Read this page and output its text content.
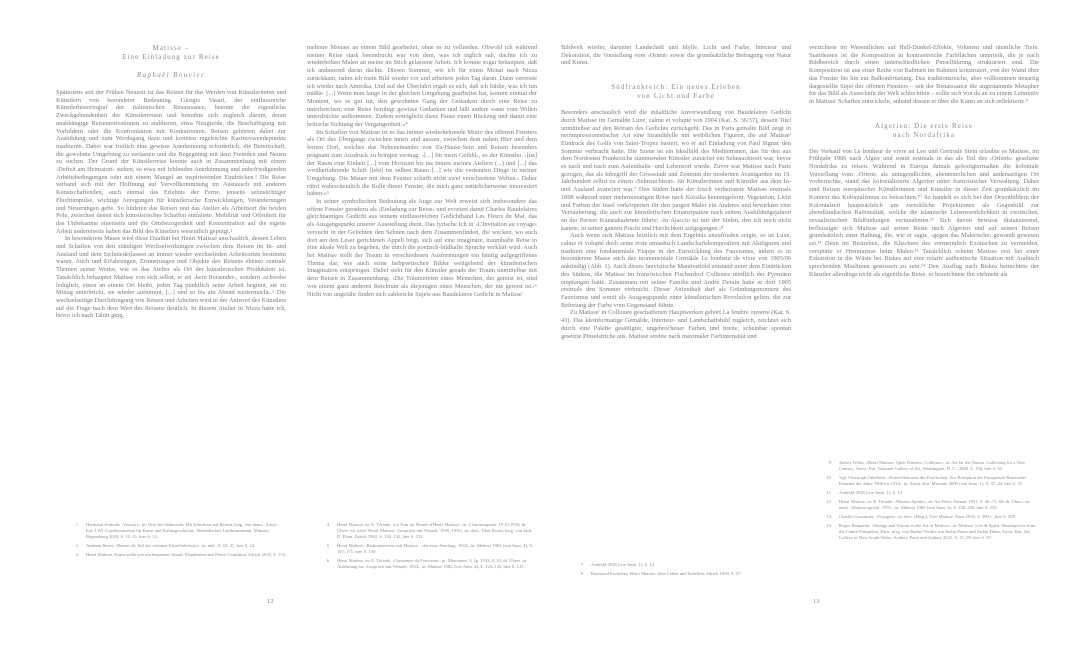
Matisse –
Eine Einladung zur Reise
Raphaël Bouvier

Spätestens seit der Frühen Neuzeit ist das Reisen für das Werden von Künstlerinnen und Künstlern von besonderer Bedeutung. Giorgio Vasari, der einflussreiche Künstlerhistoriograf der italienischen Renaissance, betonte die eigentliche Zweckgebundenheit der Künstlerreisen und bemühte sich zugleich darum, deren unabhängige Reisemotivationen zu etablieren, etwa Neugierde, die Beschäftigung mit Vorbildern oder die Konfrontation mit Konkurrenten. Reisen gehörten dabei zur Ausbildung und zum Werdegang dazu und konnten regelrechte Karrierewendepunkte markieren. Dabei war freilich eine gewisse Anerkennung erforderlich, die Bereitschaft, die gewohnte Umgebung zu verlassen und die Begegnung mit dem Fremden und Neuen zu suchen. Der Grund der Künstlerreise konnte auch in Zusammenhang mit einem ›Defizit am Heimatort‹ stehen, so etwa mit fehlenden Anerkennung und unbefriedigenden Arbeitsbedingungen oder mit einem Mangel an inspirierenden Eindrücken.¹ Die Reise verband sich mit der Hoffnung auf Vervollkommnung im Austausch mit anderen Kunstschaffenden, auch einmal das Erlebnis der Ferne, jenseits sehnsüchtiger Fluchtimpulse, wichtige Anregungen für künstlerische Entwicklungen, Veränderungen und Neuerungen gebe. So bildeten das Reisen und das Atelier als Arbeitsort die beiden Pole, zwischen denen sich künstlerisches Schaffen entfaltete. Mobilität und Offenheit für das Unbekannte einerseits und die Ortsbezogenheit und Konzentration auf die eigene Arbeit andererseits haben das Bild des Künstlers wesentlich geprägt.²

In besonderem Masse wird diese Dualität bei Henri Matisse anschaulich, dessen Leben und Schaffen von den ständigen Wechselwirkungen zwischen dem Reisen im In- und Ausland und dem Sichniederlassen an immer wieder wechselnden Arbeitsorten bestimmt waren. Auch und Erfahrungen, Erinnerungen und Objekte des Reisens ebenso zentrale Themen seiner Werke, wie es das Atelier als Ort der künstlerischen Produktion ist. Tatsächlich behauptet Matisse von sich selbst, er sei ›kein Reisender‹, sondern ›schwebe lediglich, einen an einem Ort bleibt, jeden Tag pünktlich seine Arbeit beginnt, sie zu Mittag unterbricht, sie wieder aufnimmt, [...] und so bis am Abend weitermacht‹.³ Die wechselseitige Durchdringung von Reisen und Arbeiten wird in der Antwort des Künstlers auf die Frage nach dem Wert des Reisens deutlich. In diesem Atelier in Nizza hatte ich, bevor ich nach Tahiti ging,

mehrere Monate an einem Bild gearbeitet, ohne es zu vollenden. Obwohl ich während meiner Reise stark beeindruckt war von dem, was ich täglich sah, dachte ich zu wiederholten Malen an meine im Stich gelassene Arbeit. Ich konnte sogar behaupten, daß ich andauernd daran dachte. Diesen Sommer, wie ich für einen Monat nach Nizza zurückkam, nahm ich mein Bild wieder vor und arbeitete jeden Tag daran. Dann verreiste ich wieder nach Amerika. Und auf der Überfahrt ergab es sich, daß ich fühlte, was ich tun müßte. [...] Wenn man lange in der gleichen Umgebung gearbeitet hat, kommt einmal der Moment, wo es gut tut, den gewohnten Gang der Gedanken durch eine Reise zu unterbrechen; eine Reise beruhigt gewisse Gedanken und läßt andere sonst vom Willen unterdrückte aufkommen. Zudem ermöglicht diese Pause einen Rückzug und damit eine kritische Sichtung der Vergangenheit.«⁴

Im Schaffen von Matisse ist es das immer wiederkehrende Motiv des offenen Fensters als Ort des Übergangs zwischen innen und aussen, zwischen dem nahen Hier und dem fernen Dort, welches das Nebeneinander von Zu-Hause-Sein und Reisen besonders prägnant zum Ausdruck zu bringen vermag: ›[...] für mein Gefühl‹, so der Künstler, ›[ist] der Raum eine Einheit [...] vom Horizont bis ins Innere meines Ateliers (...) und [...] das vorüberfahrende Schiff [lebt] im selben Raum [...] wie die vertrauten Dinge in meiner Umgebung. Die Mauer mit dem Fenster schafft nicht zwei verschiedene Welten.‹ Daher rührt wahrscheinlich die Rolle dieser Fenster, die mich ganz natürlicherweise interessiert haben.«⁵

In seiner symbolischen Bedeutung als Auge zur Welt erweist sich insbesondere das offene Fenster geradezu als ›Einladung zur Reise‹ und evoziert damit Charles Baudelaires gleichnamiges Gedicht aus seinem einflussreichen Gedichtband Les Fleurs du Mal, das als Ausgangspunkt unserer Ausstellung dient. Das lyrische Ich in ›L'Invitation au voyage‹ versucht in der Geliebten den Sehnen nach dem Zusammenfinden, die wecken, wo auch dort am den Leser gerichteten Appell birgt, sich auf eine imaginäre, traumhafte Reise in eine ideale Welt zu begeben, die durch die poetisch-bildhafte Sprache verklärt wird. Auch bei Matisse stellt der Traum in verschiedenen Ausformungen ein häufig aufgegriffenes Thema dar, wie auch seine farbpoetischen Bilder weitgehend der künstlerischen Imagination entspringen. Dabei steht für den Künstler gerade der Traum unmittelbar mit dem Reisen in Zusammenhang: ›Die Träumereien eines Menschen, der gereist ist, sind von einem ganz anderen Reichtum als diejenigen eines Menschen, der nie gereist ist.‹⁶ Nicht von ungefähr finden sich zahlreiche Sujets aus Baudelaires Gedicht in Matisse'

Bildwelt wieder, darunter Landschaft und Idylle, Licht und Farbe, Interieur und Dekoration, die Vorstellung vom ›Orient‹ sowie die grundsätzliche Befragung von Natur und Kunst.

Südfrankreich: Ein neues Erleben
von Licht und Farbe

Besonders anschaulich wird die inhaltliche Anverwandlung von Baudelaires Gedicht durch Matisse im Gemälde Luxe, calme et volupté von 1904 (Kat. S. 36/37), dessen Titel unmittelbar auf den Refrain des Gedichts zurückgeht. Das in Paris gemalte Bild zeigt in neoimpressionistischer Art eine Strandidylle mit weiblichen Figuren, die auf Matisse' Eindruck des Golfs von Saint-Tropez basiert, wo er auf Einladung von Paul Signac den Sommer verbracht hatte. Die Szene ist ein Idealbild des Mediterranen, das für den aus dem Nordosten Frankreichs stammenden Künstler zunächst ein Sehnsuchtsort war, bevor es nach und nach zum Aufenthalts- und Lebensort wurde. Zuvor war Matisse nach Paris gezogen, das als Inbegriff der Grossstadt und Zentrum der modernen Avantgarden im 19. Jahrhundert selbst zu einem ›Sehnsuchtsort‹ für Künstlerinnen und Künstler aus dem In- und Ausland avanciert war.⁷ Den Süden hatte der frisch verheiratete Matisse erstmals 1898 während einer mehrmonatigen Reise nach Korsika kennengelernt. Vegetation, Licht und Farben der Insel verkörperten für den jungen Maler ein Anderes und bewirkten eine Verzauberung, die auch zur künstlerischen Emanzipation nach seinen Ausbildungsjahren an der Pariser Kunstakademie führte: ›In Ajaccio ist mir der Süden, den ich noch nicht kannte, in seiner ganzen Pracht und Herrlichkeit aufgegangen.‹⁸

Auch wenn sich Matisse letztlich mit dem Ergebnis unzufrieden zeigte, so ist Luxe, calme et volupté doch seine erste atmadisch Landschaftskomposition mit Aktfiguren und markiert eine fundamentale Etappe in der Entwicklung des Fauvismus, indem es in besonderem Masse auch das monumentale Gemälde Le bonheur de vivre von 1905/06 ankündigt (Abb. 1). Auch dieses fauvistische Manifestbild entstand unter dem Eindrücken des Südens, die Matisse im französischen Fischerdorf Collioure nördlich der Pyrenäen empfangen hatte. Zusammen mit seiner Familie und André Derain hatte er dort 1905 erstmals den Sommer verbracht. Dieser Aufenthalt darf als Gründungsmoment des Fauvismus und somit als Ausgangspunkt einer künstlerischen Revolution gelten, die zur Befreiung der Farbe vom Gegenstand führte.

Zu Matisse' in Collioure geschaffenen Hauptwerken gehört La fenêtre ouverte (Kat. S. 43). Das kleinformatige Gemälde, Interieur- und Landschaftsbild zugleich, zeichnet sich durch eine Palette gesättigter, ungebrochener Farben und breite, scheinbar spontan gesetzte Pinselstriche aus. Matisse strebte nach maximaler Farbintensität und

verzichtete im Wesentlichen auf Hell-Dunkel-Effekte, Volumen und räumliche Tiefe. Stattdessen ist die Komposition in kontrastreiche Farbflächen unterteilt, die je nach Bildbereich durch einen unterschiedlichen Pinselführung strukturiert sind. Die Komposition ist aus einer Reihe von Rahmen im Rahmen konstruiert, von der Wand über das Fenster bis hin zur Balkonbrüstung. Das traditionsreiche, aber vollkommen neuartig dargestellte Sujet des offenen Fensters – seit der Renaissance die angestammte Metapher für das Bild als Ausschnitt der Welt schlechthin – sollte sich von da an zu einem Leitmotiv in Matisse' Schaffen entwickeln, anhand dessen er über die Kunst an sich reflektierte.⁹

Algerien: Die erste Reise
nach Nordafrika

Der Verkauf von Le bonheur de vivre an Leo und Gertrude Stein erlaubte es Matisse, im Frühjahr 1906 nach Algier und somit erstmals in das als Teil des ›Orients‹ gesehene Nordafrika zu reisen. Während in Europa damals gefestigtermaßen die koloniale Vorstellung vom ›Orient‹ als untugendlichen, abenteuerlichen und andersartigen Ort vorherrschte, stand das kolonialisierte Algerien unter französischer Verwaltung. Daher sind Reisen europäischer Künstlerinnen und Künstler in dieser Zeit grundsätzlich im Kontext des Kolonialismus zu betrachten.¹⁰ So handelt es sich bei den Orientbildern der Kolonialzeit hauptsächlich um zweckliche Projektionen als Gegenbild zur abendländischen Rationalität, welche die islamische Lebenswirklichkeit in exotischen, sexualistischen Bildfindungen verinnahmen.¹¹ Sich davon bewusst distanzierend, befleissigte sich Matisse auf seiner Reise nach Algerien und auf seinen Reisen grundsätzlich einer Haltung, die, wie er sagte, ›gegen das Malerische‹ gewandt gewesen sei.¹² Denn im Bestreben, die Klischees des vermeintlich Exotischen zu vermeiden, verspürte er Hemmnisse beim Malen.¹³ Tatsächlich scheint Matisse erst bei einer Exkursion in die Wüste bei Biskra auf eine relativ authentische Situation mit Arabisch sprechenden Muslimen gestossen zu sein.¹⁴ Den Ausflug nach Biskra betrachtete der Künstler allerdings nicht als eigentliche Reise, er bezeichnete ihn vielmehr als

1	Hermann Arnhold, ›Vorwort‹, in: Orte der Sehnsucht. Mit Künstlern auf Reisen, hrsg. von dems., Ausst.-Kat. LWL-Landesmuseum für Kunst und Kulturgeschichte, Westfälisches Landesmuseum, Münster, Regensburg 2018, S. 12–15, hier S. 12.
2	Andreas Beyer, ›Reisen als Teil des schönen Künstlerberufes‹, in: ebd., S. 24–31, hier S. 24.
3	Henri Matisse, Kunst sollte wie ein bequemer Sessel. Plaudereien mit Pierre Courthion, Zürich 2018, S. 174.
4	Henri Matisse, in: E. Tériade, ›Le Tour du Monde d'Henri Matisse‹, in: L'Intransigeant, 19.10.1930; dt. Übers. zit. nach: Henri Matisse, ›Gespräch mit Tériade, 1929–1930‹, in: ders., Über Kunst, hrsg. von Jack D. Flam, Zürich 1982, S. 130–132, hier S. 131.
5	Henri Matisse, ›Radiointerview mit Matisse – das erste Sendung, 1942‹, in: Matisse 1982 (wie Anm. 4), S. 167–171, hier S. 150.
6	Henri Matisse, in: E. Tériade, ›Constance du Fauvisme‹, in: Minotaure, 3, Jg. 1933, 9, 10; dt. Übers. in Anlehnung an: ›Gespräch mit Tériade, 1933‹, in: Matisse 1982 (wie Anm. 4), S. 124–126, hier S. 125.	7	Arnhold 2018 (wie Anm. 1), S. 14.
8	Raymond Escholier, Henri Matisse. Sein Leben und Schaffen, Zürich 1958, S. 37.
9	Jeffrey Weiss, ›Henri Matisse, Open Window, Collioure‹, in: Art for the Nation. Collecting for a New Century, Ausst.-Kat. National Gallery of Art, Washington, D. C., 2000, S. 194, hier S. 93.
10	Vgl. Christoph Otterbeck, ›Konstellationen des Exotischen. Zur Rezeption der Europäisch-Russischer Künstler der Jahre 1900 bis 1914‹, in: Ausst.-Kat. Museum 2009 (wie Anm. 1), S. 37–44, hier S. 37.
11	Arnhold 2018 (wie Anm. 1), S. 13.
12	Henri Matisse, in: E. Tériade, ›Matisse Speaks‹, in: Art News Annual, 1951, S. 40–71, 60; dt. Übers. zit. nach: ›Matisse spricht, 1951‹, in: Matisse 1982 (wie Anm. 4), S. 230–238, hier S. 239.
13	Charles Cousturier, ›Voyagers‹, in: ders. (Hrsg.), Two Matisse, Paris 2018, S. 300 f., hier S. 300.
14	Roger Benjamin, ›Vintage and Visions in the Art of Matisse‹, in: Matisse. Life & Spirit. Masterpieces from the Centre Pompidou, Paris, hrsg. von Ruthie Verdier mit Justin Paton und Jackie Dunn, Ausst.-Kat. Art Gallery of New South Wales, Sydney, Paris und Sydney 2021, S. 37–39, hier S. 37.
12	13
